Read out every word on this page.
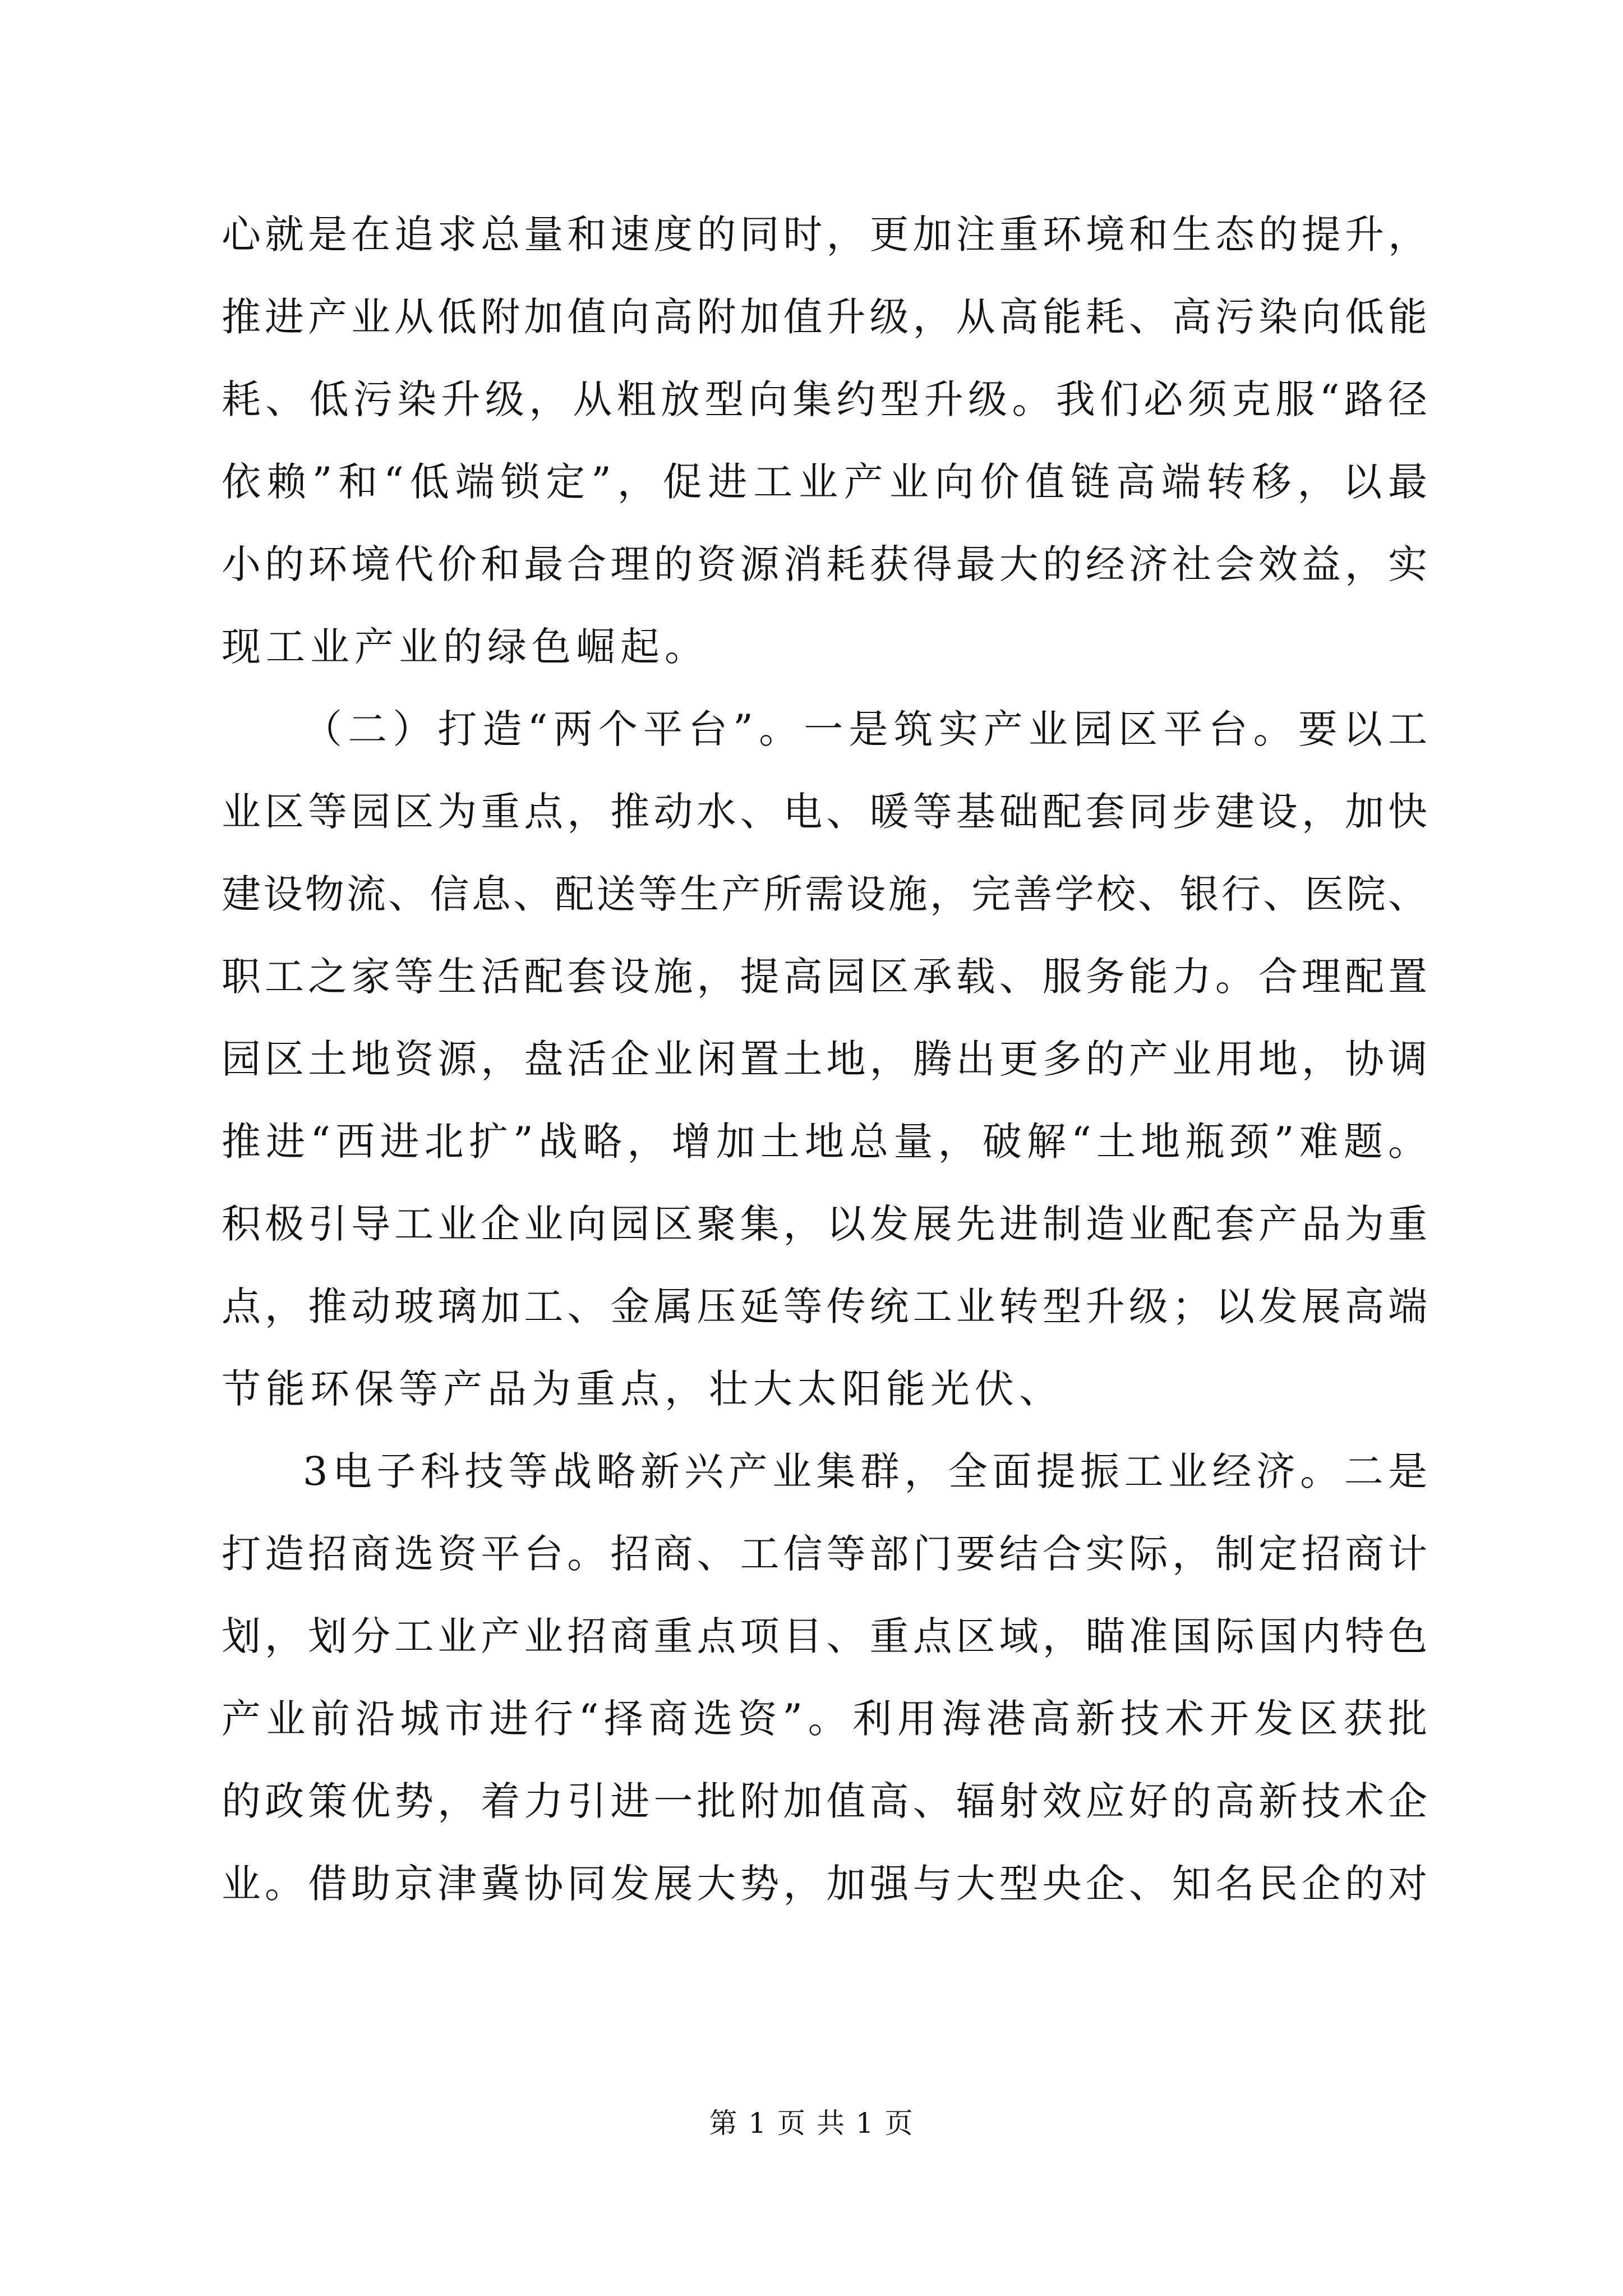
心就是在追求总量和速度的同时，更加注重环境和生态的提升，
推进产业从低附加值向高附加值升级，从高能耗、高污染向低能
耗、低污染升级，从粗放型向集约型升级。我们必须克服“路径
依赖”和“低端锁定”，促进工业产业向价值链高端转移，以最
小的环境代价和最合理的资源消耗获得最大的经济社会效益，实
现工业产业的绿色崛起。
（二）打造“两个平台”。一是筑实产业园区平台。要以工
业区等园区为重点，推动水、电、暖等基础配套同步建设，加快
建设物流、信息、配送等生产所需设施，完善学校、银行、医院、
职工之家等生活配套设施，提高园区承载、服务能力。合理配置
园区土地资源，盘活企业闲置土地，腾出更多的产业用地，协调
推进“西进北扩”战略，增加土地总量，破解“土地瓶颈”难题。
积极引导工业企业向园区聚集，以发展先进制造业配套产品为重
点，推动玻璃加工、金属压延等传统工业转型升级；以发展高端
节能环保等产品为重点，壮大太阳能光伏、
3电子科技等战略新兴产业集群，全面提振工业经济。二是
打造招商选资平台。招商、工信等部门要结合实际，制定招商计
划，划分工业产业招商重点项目、重点区域，瞄准国际国内特色
产业前沿城市进行“择商选资”。利用海港高新技术开发区获批
的政策优势，着力引进一批附加值高、辐射效应好的高新技术企
业。借助京津冀协同发展大势，加强与大型央企、知名民企的对
第 1 页 共 1 页
